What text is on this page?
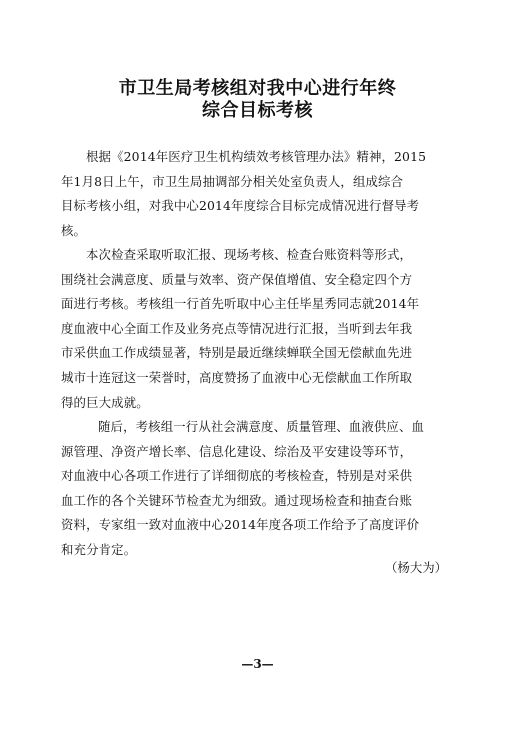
市卫生局考核组对我中心进行年终
综合目标考核
根据《2014年医疗卫生机构绩效考核管理办法》精神，2015
年1月8日上午，市卫生局抽调部分相关处室负责人，组成综合
目标考核小组，对我中心2014年度综合目标完成情况进行督导考
核。
本次检查采取听取汇报、现场考核、检查台账资料等形式，
围绕社会满意度、质量与效率、资产保值增值、安全稳定四个方
面进行考核。考核组一行首先听取中心主任毕星秀同志就2014年
度血液中心全面工作及业务亮点等情况进行汇报，当听到去年我
市采供血工作成绩显著，特别是最近继续蝉联全国无偿献血先进
城市十连冠这一荣誉时，高度赞扬了血液中心无偿献血工作所取
得的巨大成就。
随后，考核组一行从社会满意度、质量管理、血液供应、血
源管理、净资产增长率、信息化建设、综治及平安建设等环节，
对血液中心各项工作进行了详细彻底的考核检查，特别是对采供
血工作的各个关键环节检查尤为细致。通过现场检查和抽查台账
资料，专家组一致对血液中心2014年度各项工作给予了高度评价
和充分肯定。
（杨大为）
—3—
